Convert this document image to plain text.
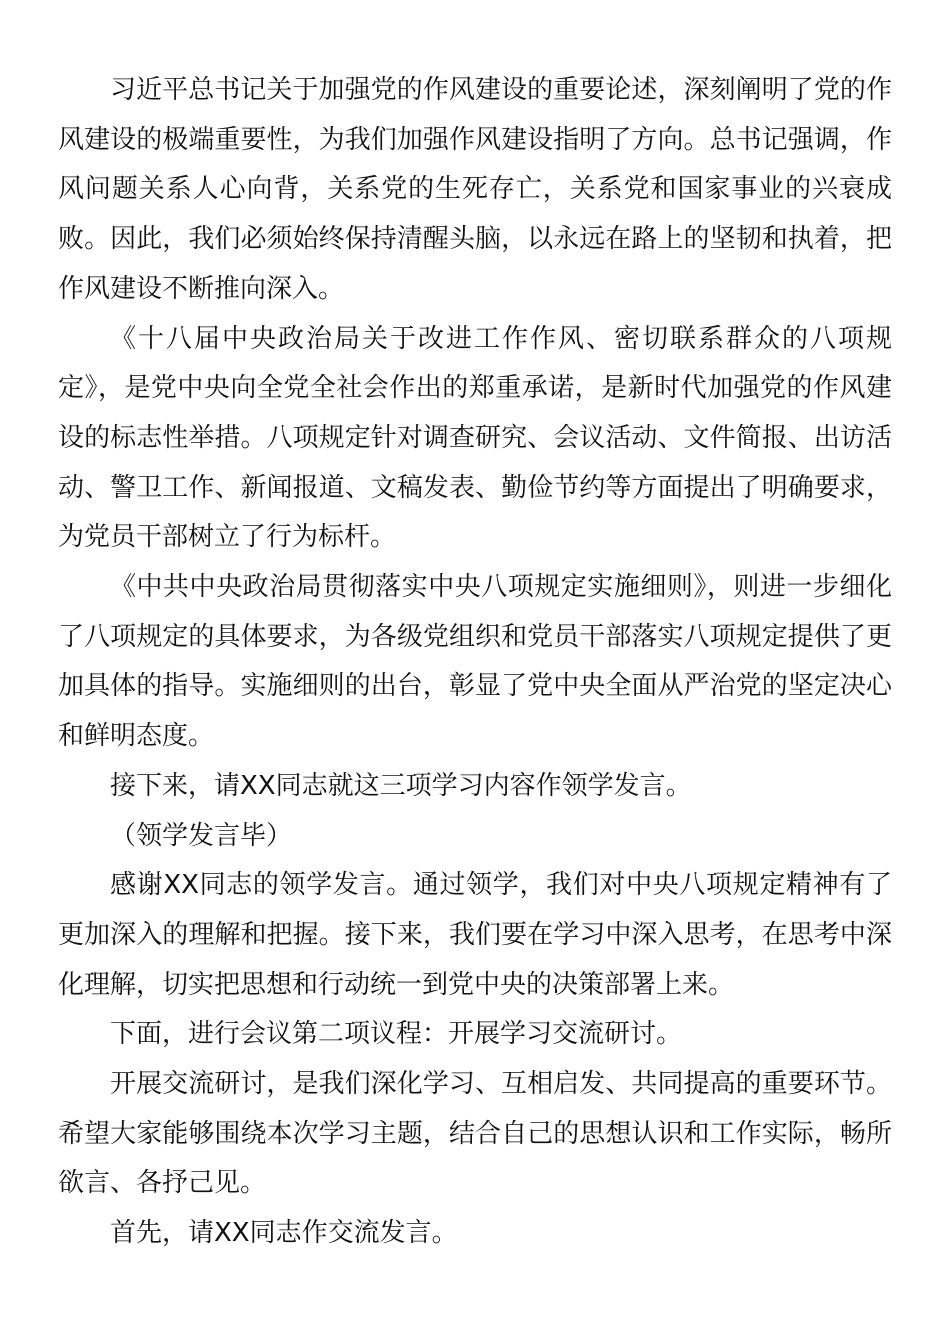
习近平总书记关于加强党的作风建设的重要论述，深刻阐明了党的作风建设的极端重要性，为我们加强作风建设指明了方向。总书记强调，作风问题关系人心向背，关系党的生死存亡，关系党和国家事业的兴衰成败。因此，我们必须始终保持清醒头脑，以永远在路上的坚韧和执着，把作风建设不断推向深入。

《十八届中央政治局关于改进工作作风、密切联系群众的八项规定》，是党中央向全党全社会作出的郑重承诺，是新时代加强党的作风建设的标志性举措。八项规定针对调查研究、会议活动、文件简报、出访活动、警卫工作、新闻报道、文稿发表、勤俭节约等方面提出了明确要求，为党员干部树立了行为标杆。

《中共中央政治局贯彻落实中央八项规定实施细则》，则进一步细化了八项规定的具体要求，为各级党组织和党员干部落实八项规定提供了更加具体的指导。实施细则的出台，彰显了党中央全面从严治党的坚定决心和鲜明态度。

接下来，请XX同志就这三项学习内容作领学发言。

（领学发言毕）

感谢XX同志的领学发言。通过领学，我们对中央八项规定精神有了更加深入的理解和把握。接下来，我们要在学习中深入思考，在思考中深化理解，切实把思想和行动统一到党中央的决策部署上来。

下面，进行会议第二项议程：开展学习交流研讨。

开展交流研讨，是我们深化学习、互相启发、共同提高的重要环节。希望大家能够围绕本次学习主题，结合自己的思想认识和工作实际，畅所欲言、各抒己见。

首先，请XX同志作交流发言。
